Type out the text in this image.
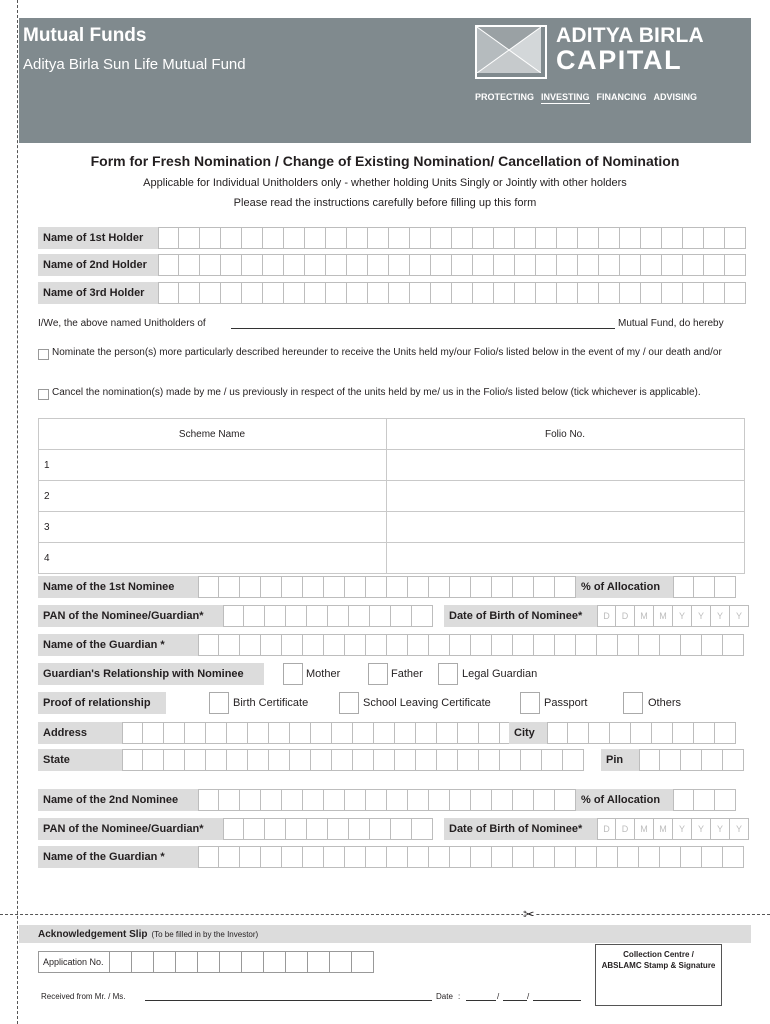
Mutual Funds
Aditya Birla Sun Life Mutual Fund
ADITYA BIRLA
CAPITAL
PROTECTING INVESTING FINANCING ADVISING
Form for Fresh Nomination / Change of Existing Nomination/ Cancellation of Nomination
Applicable for Individual Unitholders only - whether holding Units Singly or Jointly with other holders
Please read the instructions carefully before filling up this form
Name of 1st Holder
Name of 2nd Holder
Name of 3rd Holder
I/We, the above named Unitholders of	Mutual Fund, do hereby
Nominate the person(s) more particularly described hereunder to receive the Units held my/our Folio/s listed below in the event of my / our death and/or
Cancel the nomination(s) made by me / us previously in respect of the units held by me/ us in the Folio/s listed below (tick whichever is applicable).
Scheme Name	Folio No.
1	
2	
3	
4	
Name of the 1st Nominee	% of Allocation
PAN of the Nominee/Guardian*	Date of Birth of Nominee*	D	D	M	M	Y	Y	Y	Y
Name of the Guardian *
Guardian's Relationship with Nominee	Mother	Father	Legal Guardian
Proof of relationship	Birth Certificate	School Leaving Certificate	Passport	Others
Address	City
State	Pin
Name of the 2nd Nominee	% of Allocation
PAN of the Nominee/Guardian*	Date of Birth of Nominee*	D	D	M	M	Y	Y	Y	Y
Name of the Guardian *
✂
Acknowledgement Slip (To be filled in by the Investor)
Application No.
Collection Centre /
ABSLAMC Stamp & Signature
Received from Mr. / Ms.	Date :	/	/
